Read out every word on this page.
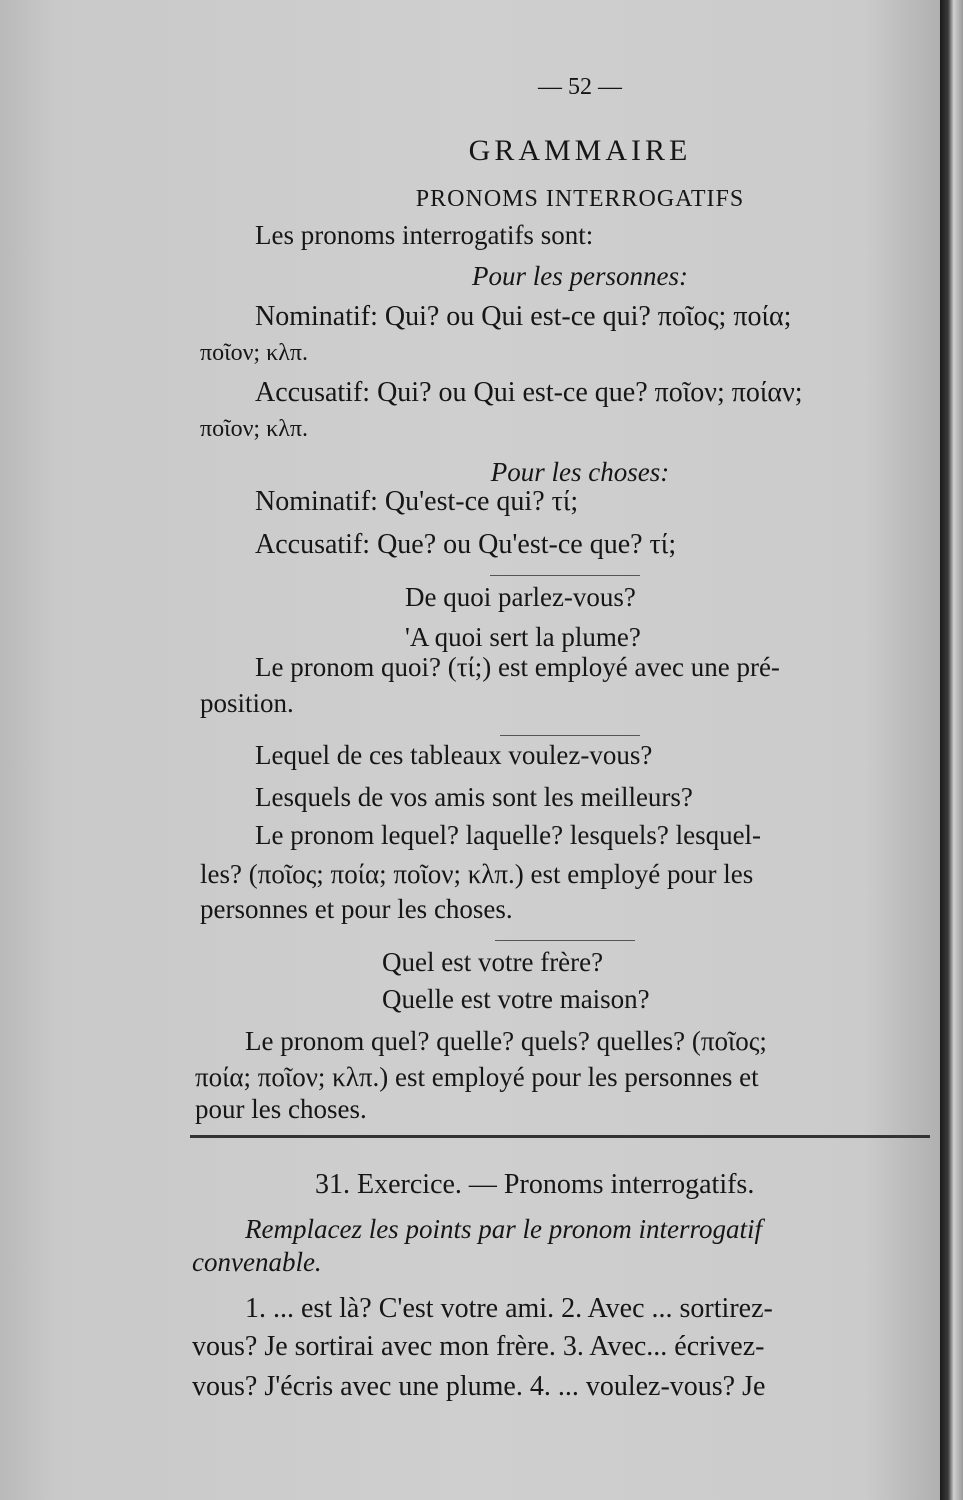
— 52 —
GRAMMAIRE
PRONOMS INTERROGATIFS
Les pronoms interrogatifs sont:
Pour les personnes:
Nominatif: Qui? ou Qui est-ce qui? ποῖος; ποία;
ποῖον; κλπ.
Accusatif: Qui? ou Qui est-ce que? ποῖον; ποίαν;
ποῖον; κλπ.
Pour les choses:
Nominatif: Qu'est-ce qui? τί;
Accusatif: Que? ou Qu'est-ce que? τί;
De quoi parlez-vous?
'A quoi sert la plume?
Le pronom quoi? (τί;) est employé avec une pré-
position.
Lequel de ces tableaux voulez-vous?
Lesquels de vos amis sont les meilleurs?
Le pronom lequel? laquelle? lesquels? lesquel-
les? (ποῖος; ποία; ποῖον; κλπ.) est employé pour les
personnes et pour les choses.
Quel est votre frère?
Quelle est votre maison?
Le pronom quel? quelle? quels? quelles? (ποῖος;
ποία; ποῖον; κλπ.) est employé pour les personnes et
pour les choses.
31. Exercice. — Pronoms interrogatifs.
Remplacez les points par le pronom interrogatif
convenable.
1. ... est là? C'est votre ami. 2. Avec ... sortirez-
vous? Je sortirai avec mon frère. 3. Avec... écrivez-
vous? J'écris avec une plume. 4. ... voulez-vous? Je
